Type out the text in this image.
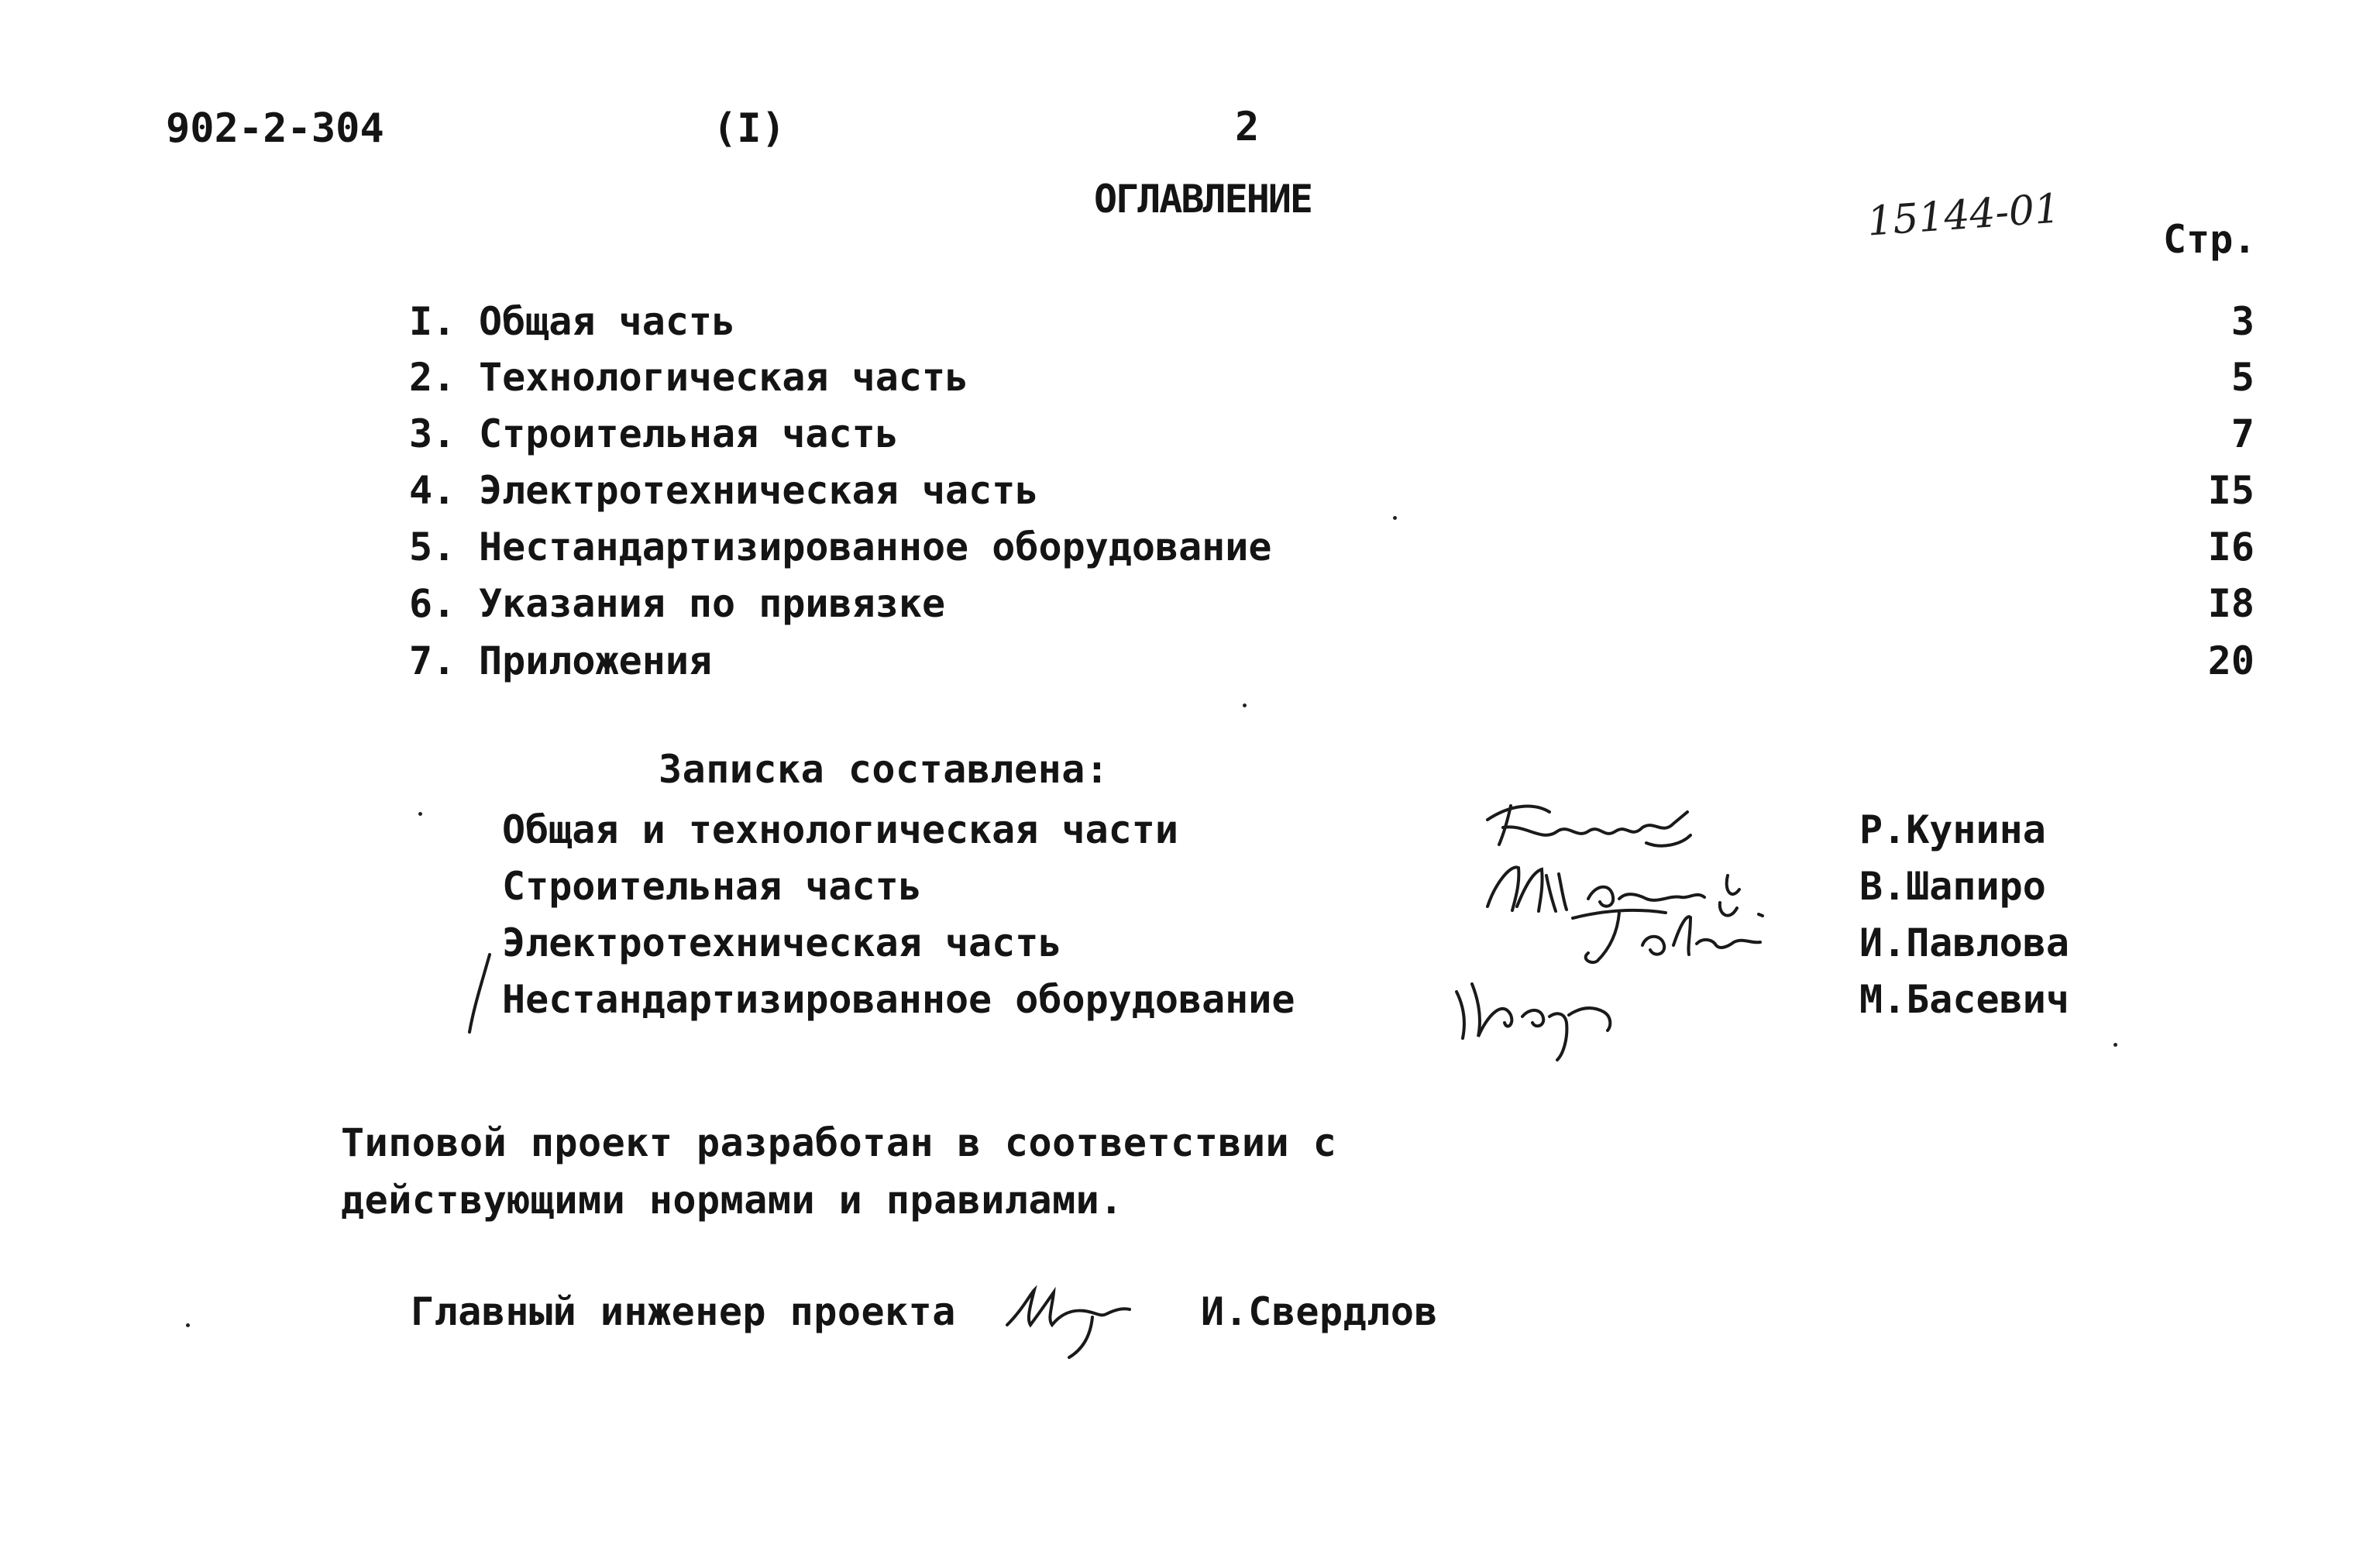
902-2-304	(I)	2
ОГЛАВЛЕНИЕ	15144-01	Стр.
I. Общая часть	3
2. Технологическая часть	5
3. Строительная часть	7
4. Электротехническая часть	I5
5. Нестандартизированное оборудование	I6
6. Указания по привязке	I8
7. Приложения	20
Записка составлена:
Общая и технологическая части	Р.Кунина
Строительная часть	В.Шапиро
Электротехническая часть	И.Павлова
Нестандартизированное оборудование	М.Басевич
Типовой проект разработан в соответствии с
действующими нормами и правилами.
Главный инженер проекта	И.Свердлов
